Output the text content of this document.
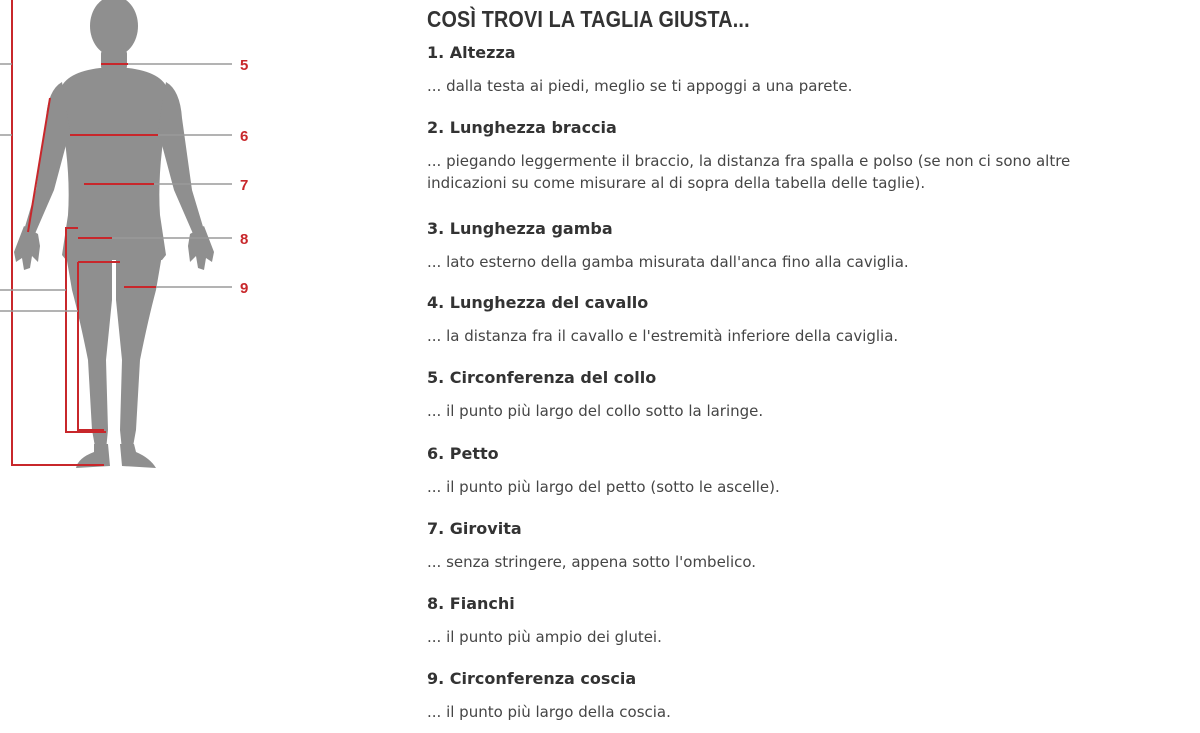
5
6
7
8
9
COSÌ TROVI LA TAGLIA GIUSTA...
1. Altezza

... dalla testa ai piedi, meglio se ti appoggi a una parete.

2. Lunghezza braccia

... piegando leggermente il braccio, la distanza fra spalla e polso (se non ci sono altre
indicazioni su come misurare al di sopra della tabella delle taglie).

3. Lunghezza gamba

... lato esterno della gamba misurata dall'anca fino alla caviglia.

4. Lunghezza del cavallo

... la distanza fra il cavallo e l'estremità inferiore della caviglia.

5. Circonferenza del collo

... il punto più largo del collo sotto la laringe.

6. Petto

... il punto più largo del petto (sotto le ascelle).

7. Girovita

... senza stringere, appena sotto l'ombelico.

8. Fianchi

... il punto più ampio dei glutei.

9. Circonferenza coscia

... il punto più largo della coscia.
